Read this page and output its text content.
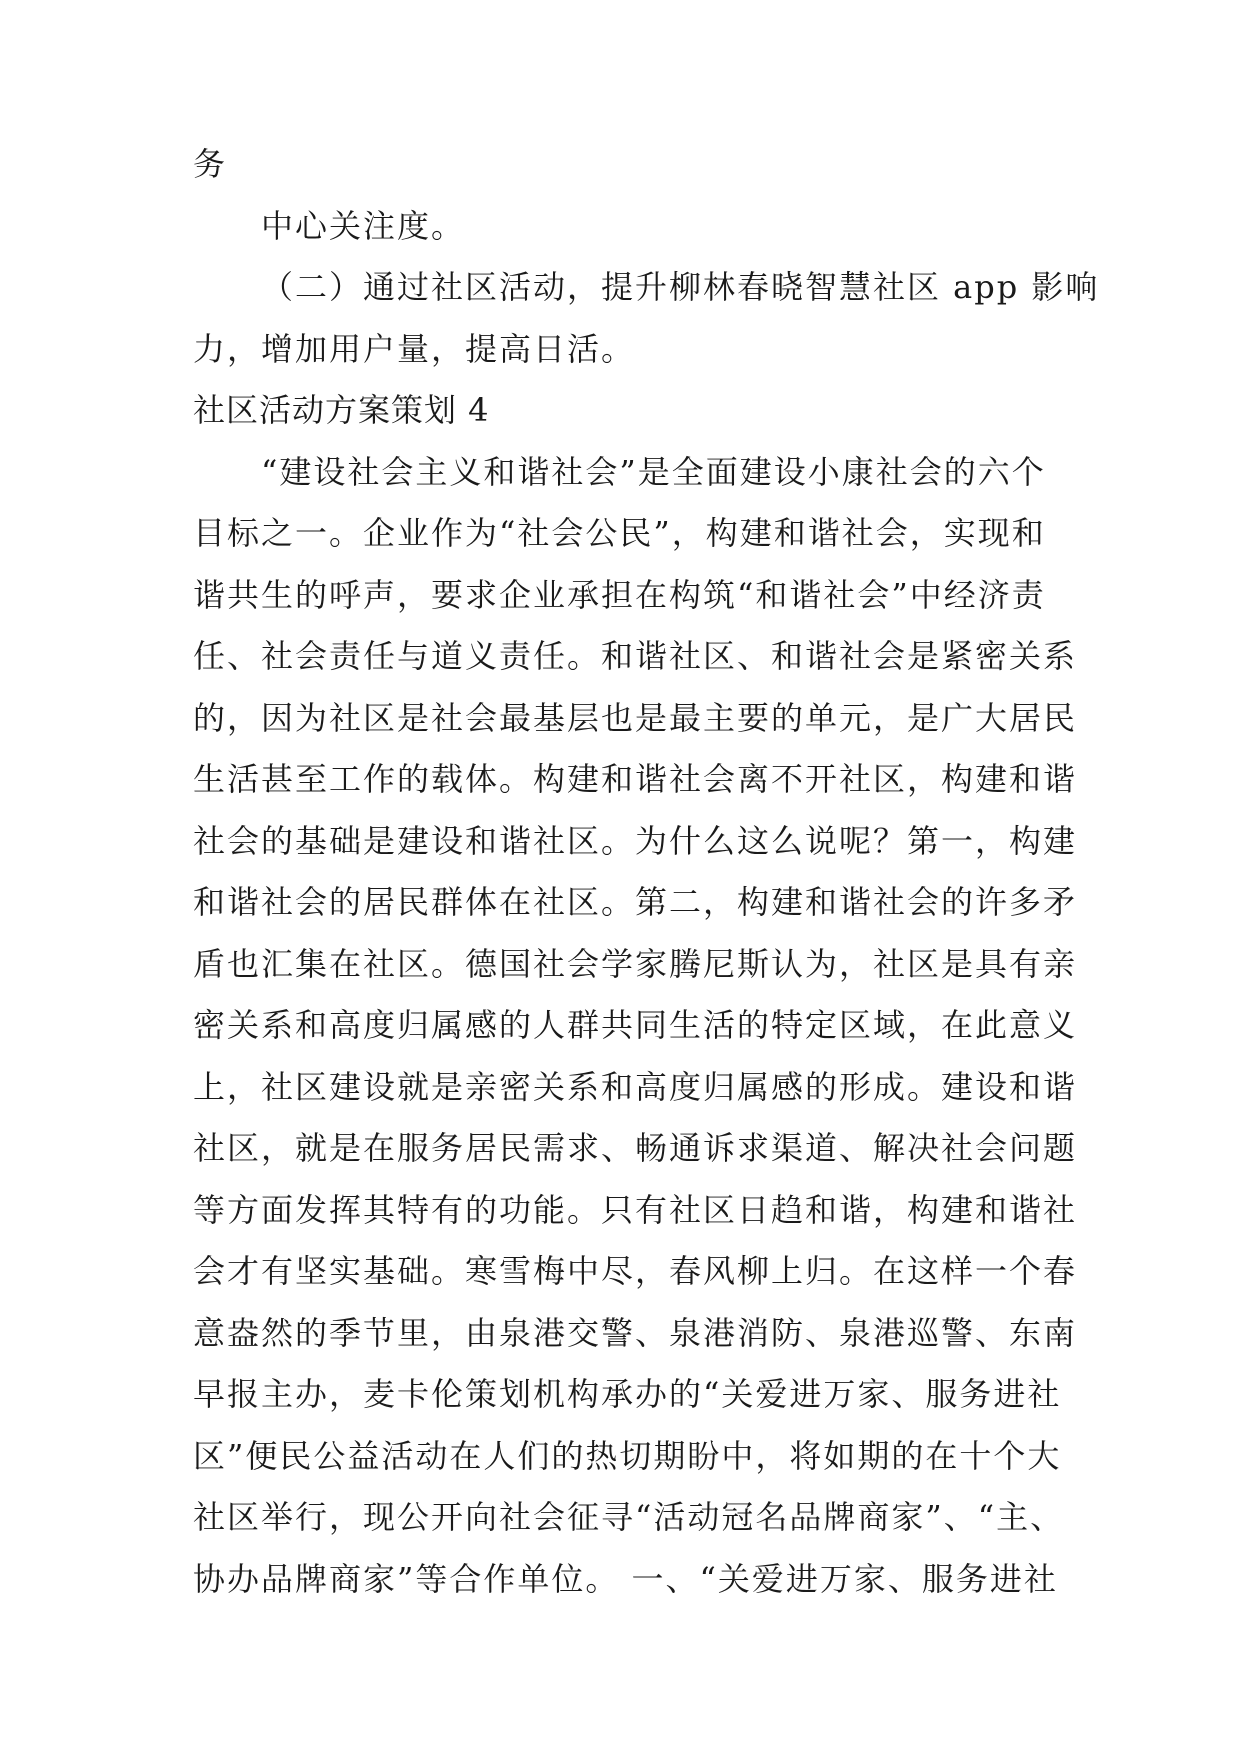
务
中心关注度。
（二）通过社区活动，提升柳林春晓智慧社区 app 影响
力，增加用户量，提高日活。
社区活动方案策划 4
“建设社会主义和谐社会”是全面建设小康社会的六个
目标之一。企业作为“社会公民”，构建和谐社会，实现和
谐共生的呼声，要求企业承担在构筑“和谐社会”中经济责
任、社会责任与道义责任。和谐社区、和谐社会是紧密关系
的，因为社区是社会最基层也是最主要的单元，是广大居民
生活甚至工作的载体。构建和谐社会离不开社区，构建和谐
社会的基础是建设和谐社区。为什么这么说呢？第一，构建
和谐社会的居民群体在社区。第二，构建和谐社会的许多矛
盾也汇集在社区。德国社会学家腾尼斯认为，社区是具有亲
密关系和高度归属感的人群共同生活的特定区域，在此意义
上，社区建设就是亲密关系和高度归属感的形成。建设和谐
社区，就是在服务居民需求、畅通诉求渠道、解决社会问题
等方面发挥其特有的功能。只有社区日趋和谐，构建和谐社
会才有坚实基础。寒雪梅中尽，春风柳上归。在这样一个春
意盎然的季节里，由泉港交警、泉港消防、泉港巡警、东南
早报主办，麦卡伦策划机构承办的“关爱进万家、服务进社
区”便民公益活动在人们的热切期盼中，将如期的在十个大
社区举行，现公开向社会征寻“活动冠名品牌商家”、“主、
协办品牌商家”等合作单位。 一、“关爱进万家、服务进社
